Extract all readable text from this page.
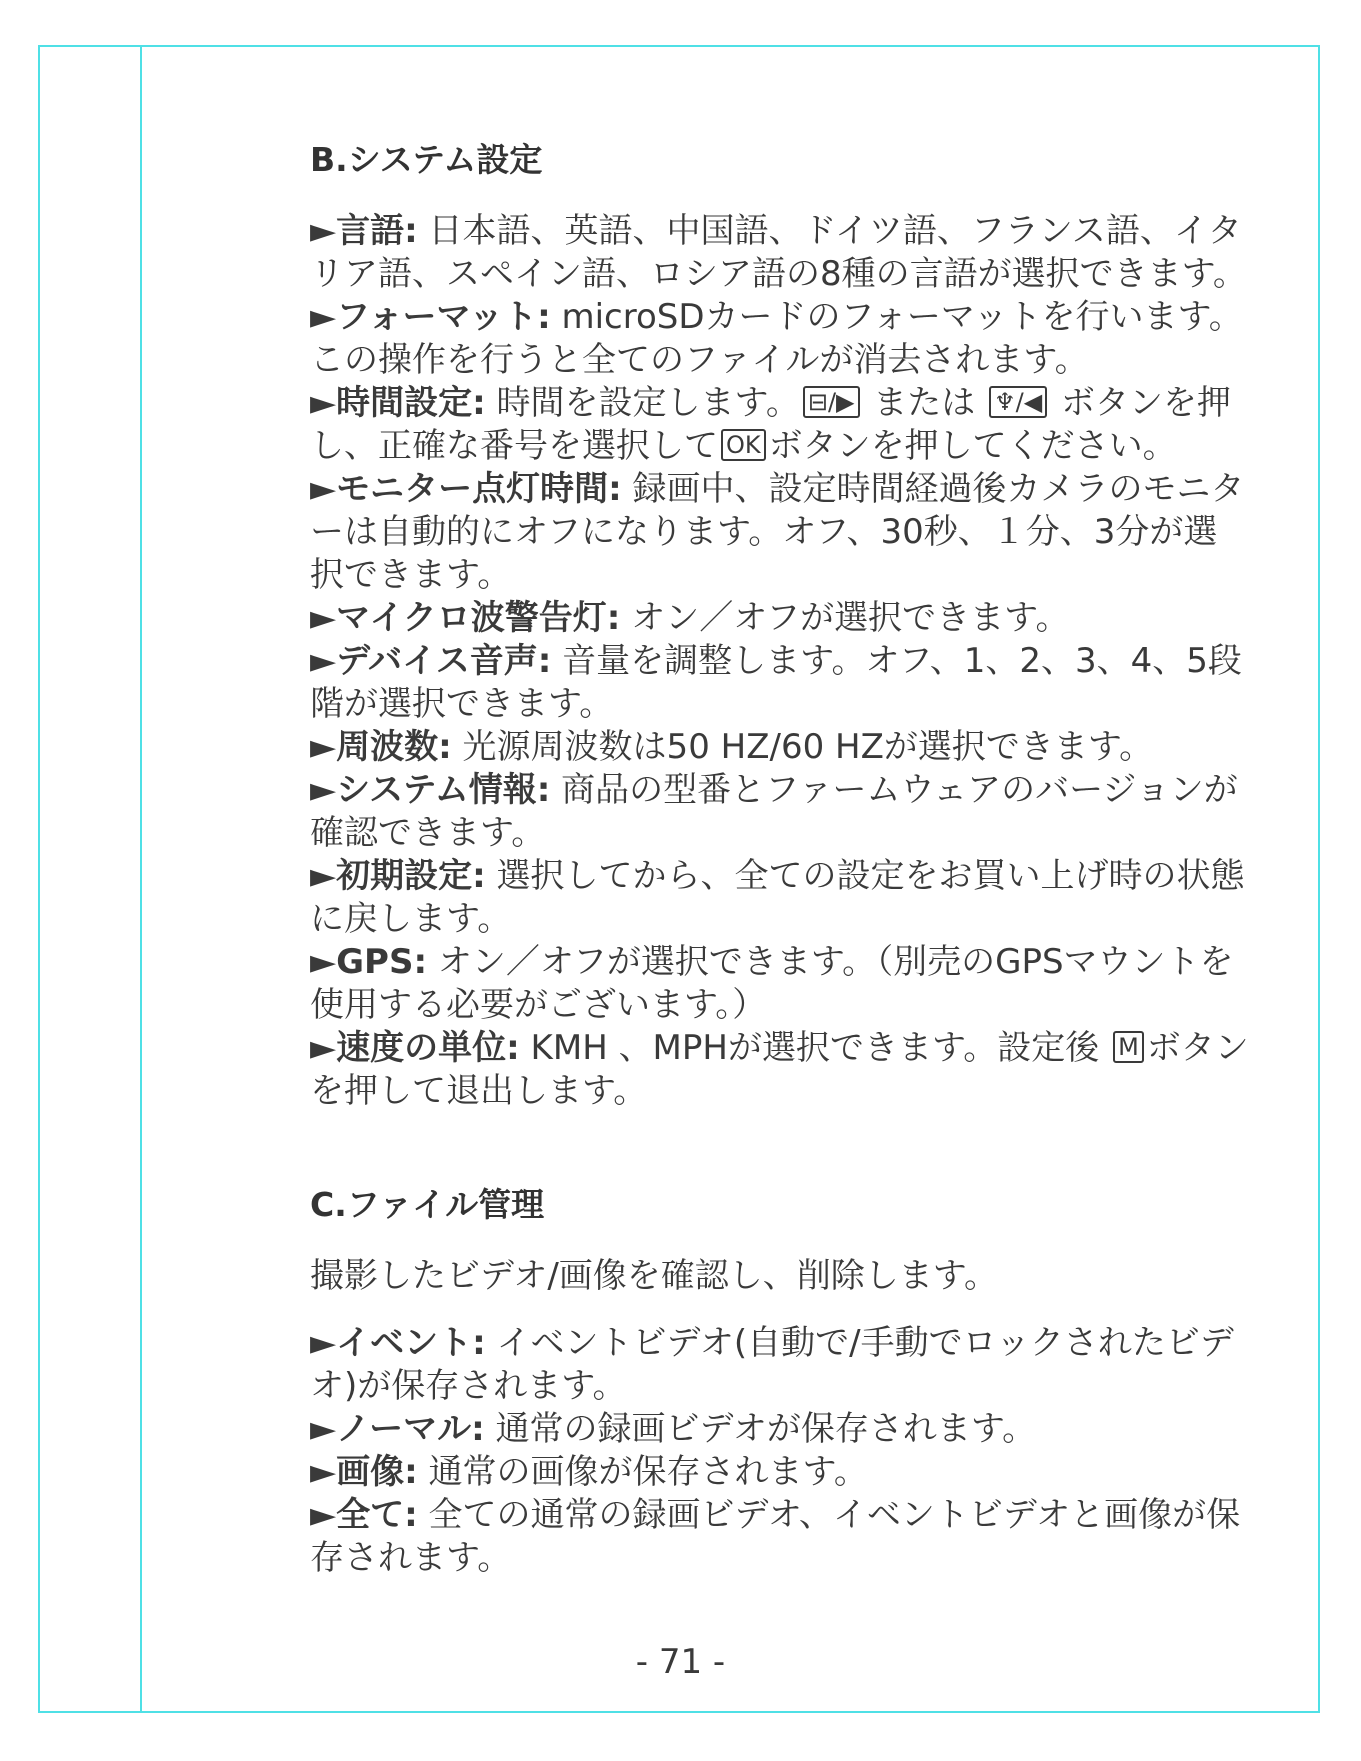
B.システム設定

►言語: 日本語、英語、中国語、ドイツ語、フランス語、イタリア語、スペイン語、ロシア語の8種の言語が選択できます。

►フォーマット: microSDカードのフォーマットを行います。この操作を行うと全てのファイルが消去されます。

►時間設定: 時間を設定します。 ⊟/▶ または ♆/◀ ボタンを押し、正確な番号を選択して OK ボタンを押してください。

►モニター点灯時間: 録画中、設定時間経過後カメラのモニターは自動的にオフになります。オフ、30秒、１分、3分が選択できます。

►マイクロ波警告灯: オン／オフが選択できます。

►デバイス音声: 音量を調整します。オフ、1、2、3、4、5段階が選択できます。

►周波数: 光源周波数は50 HZ/60 HZが選択できます。

►システム情報: 商品の型番とファームウェアのバージョンが確認できます。

►初期設定: 選択してから、全ての設定をお買い上げ時の状態に戻します。

►GPS: オン／オフが選択できます。（別売のGPSマウントを使用する必要がございます。）

►速度の単位: KMH 、MPHが選択できます。設定後 M ボタンを押して退出します。

C.ファイル管理
撮影したビデオ/画像を確認し、削除します。

►イベント: イベントビデオ(自動で/手動でロックされたビデオ)が保存されます。

►ノーマル: 通常の録画ビデオが保存されます。

►画像: 通常の画像が保存されます。

►全て: 全ての通常の録画ビデオ、イベントビデオと画像が保存されます。

- 71 -
